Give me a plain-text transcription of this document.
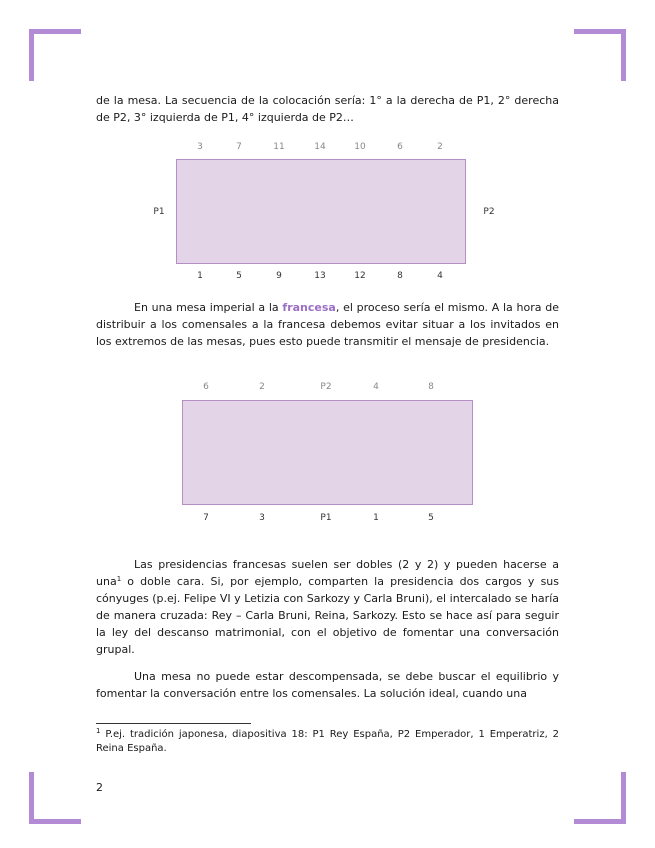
de la mesa. La secuencia de la colocación sería: 1° a la derecha de P1, 2° derecha de P2, 3° izquierda de P1, 4° izquierda de P2…

3	7	11	14	10	6	2
1	5	9	13	12	8	4
P1	P2

En una mesa imperial a la francesa, el proceso sería el mismo. A la hora de distribuir a los comensales a la francesa debemos evitar situar a los invitados en los extremos de las mesas, pues esto puede transmitir el mensaje de presidencia.

6	2	P2	4	8
7	3	P1	1	5

Las presidencias francesas suelen ser dobles (2 y 2) y pueden hacerse a una$^1$ o doble cara. Si, por ejemplo, comparten la presidencia dos cargos y sus cónyuges (p.ej. Felipe VI y Letizia con Sarkozy y Carla Bruni), el intercalado se haría de manera cruzada: Rey – Carla Bruni, Reina, Sarkozy. Esto se hace así para seguir la ley del descanso matrimonial, con el objetivo de fomentar una conversación grupal.

Una mesa no puede estar descompensada, se debe buscar el equilibrio y fomentar la conversación entre los comensales. La solución ideal, cuando una

$^1$ P.ej. tradición japonesa, diapositiva 18: P1 Rey España, P2 Emperador, 1 Emperatriz, 2 Reina España.

2
